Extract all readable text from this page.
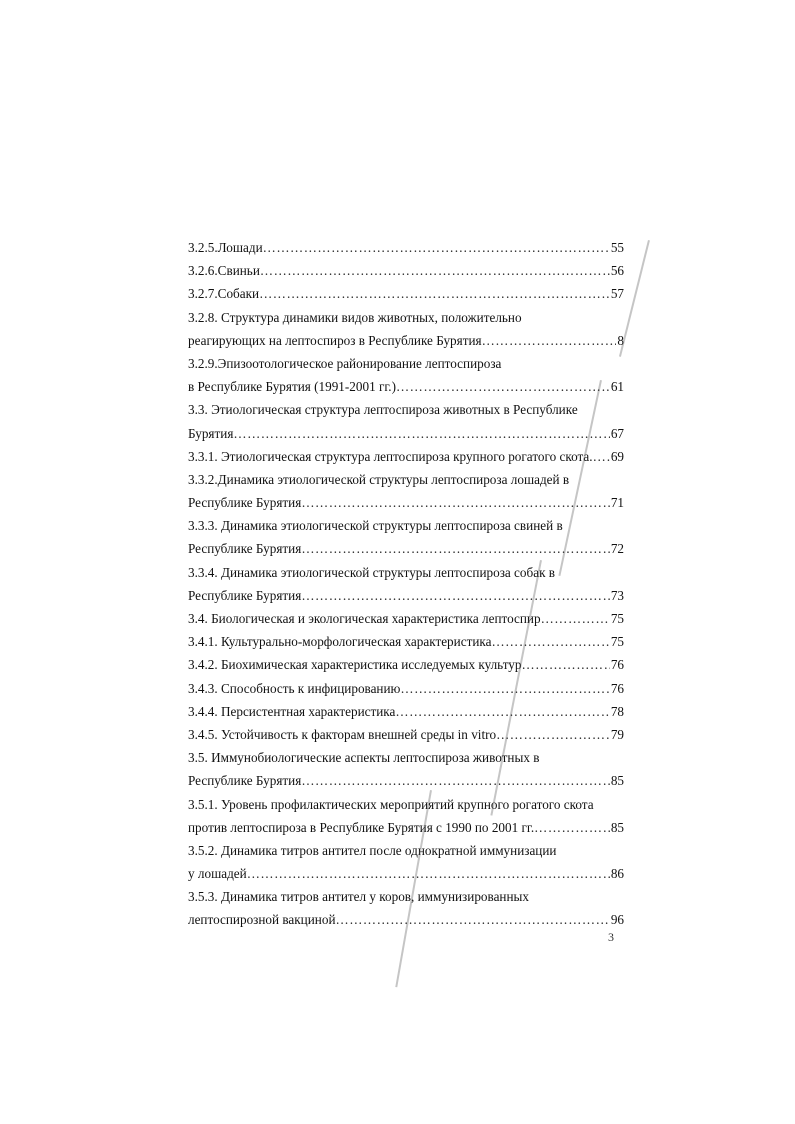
3.2.5.Лошади ………………………………………………………………………………………………………………………………	55
3.2.6.Свиньи ………………………………………………………………………………………………………………………………	56
3.2.7.Собаки ………………………………………………………………………………………………………………………………	57
3.2.8. Структура динамики видов животных, положительно
реагирующих на лептоспироз в Республике Бурятия ………………………………………………………………………………………………………………………………	8
3.2.9.Эпизоотологическое районирование лептоспироза
в Республике Бурятия (1991-2001 гг.) ………………………………………………………………………………………………………………………………	61
3.3. Этиологическая структура лептоспироза животных в Республике
Бурятия ………………………………………………………………………………………………………………………………	67
3.3.1. Этиологическая структура лептоспироза крупного рогатого скота. ……………………………………………………………………………………………………………………………… 69
3.3.2.Динамика этиологической структуры лептоспироза лошадей в
Республике Бурятия ………………………………………………………………………………………………………………………………	71
3.3.3. Динамика этиологической структуры лептоспироза свиней в
Республике Бурятия ………………………………………………………………………………………………………………………………	72
3.3.4. Динамика этиологической структуры лептоспироза собак в
Республике Бурятия ………………………………………………………………………………………………………………………………	73
3.4. Биологическая и экологическая характеристика лептоспир ………………………………………………………………………………………………………………………………	75
3.4.1. Культурально-морфологическая характеристика ………………………………………………………………………………………………………………………………	75
3.4.2. Биохимическая характеристика исследуемых культур ………………………………………………………………………………………………………………………………	76
3.4.3. Способность к инфицированию ………………………………………………………………………………………………………………………………	76
3.4.4. Персистентная характеристика ………………………………………………………………………………………………………………………………	78
3.4.5. Устойчивость к факторам внешней среды in vitro ………………………………………………………………………………………………………………………………	79
3.5. Иммунобиологические аспекты лептоспироза животных в
Республике Бурятия ………………………………………………………………………………………………………………………………	85
3.5.1. Уровень профилактических мероприятий крупного рогатого скота
против лептоспироза в Республике Бурятия с 1990 по 2001 гг. ………………………………………………………………………………………………………………………………	85
3.5.2. Динамика титров антител после однократной иммунизации
у лошадей ………………………………………………………………………………………………………………………………	86
3.5.3. Динамика титров антител у коров, иммунизированных
лептоспирозной вакциной ………………………………………………………………………………………………………………………………	96
3
